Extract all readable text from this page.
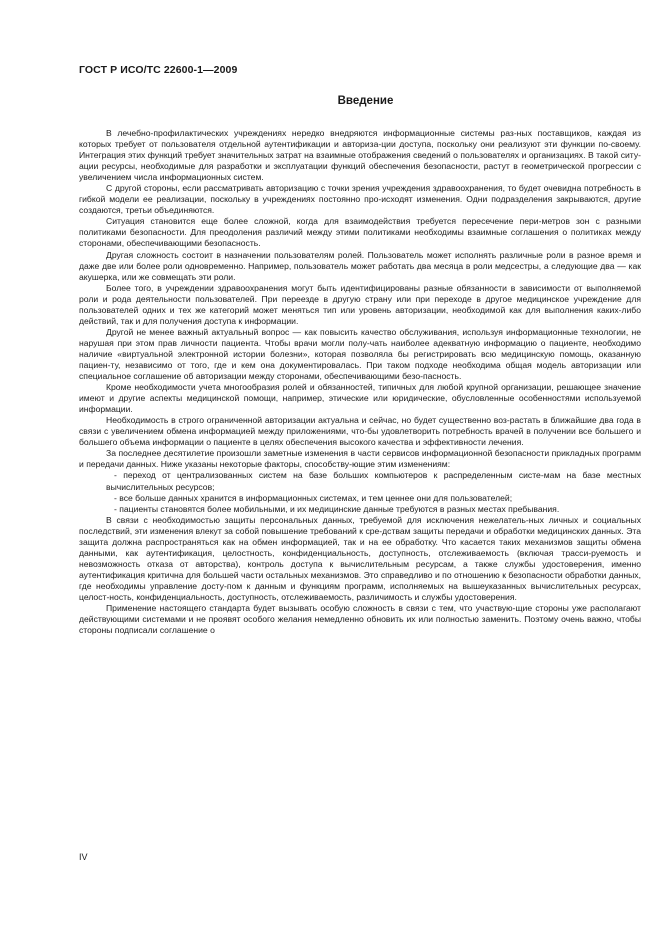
ГОСТ Р ИСО/ТС 22600-1—2009
Введение

В лечебно-профилактических учреждениях нередко внедряются информационные системы раз-ных поставщиков, каждая из которых требует от пользователя отдельной аутентификации и авториза-ции доступа, поскольку они реализуют эти функции по-своему. Интеграция этих функций требует значительных затрат на взаимные отображения сведений о пользователях и организациях. В такой ситу-ации ресурсы, необходимые для разработки и эксплуатации функций обеспечения безопасности, растут в геометрической прогрессии с увеличением числа информационных систем.

С другой стороны, если рассматривать авторизацию с точки зрения учреждения здравоохранения, то будет очевидна потребность в гибкой модели ее реализации, поскольку в учреждениях постоянно про-исходят изменения. Одни подразделения закрываются, другие создаются, третьи объединяются.

Ситуация становится еще более сложной, когда для взаимодействия требуется пересечение пери-метров зон с разными политиками безопасности. Для преодоления различий между этими политиками необходимы взаимные соглашения о политиках между сторонами, обеспечивающими безопасность.

Другая сложность состоит в назначении пользователям ролей. Пользователь может исполнять различные роли в разное время и даже две или более роли одновременно. Например, пользователь может работать два месяца в роли медсестры, а следующие два — как акушерка, или же совмещать эти роли.

Более того, в учреждении здравоохранения могут быть идентифицированы разные обязанности в зависимости от выполняемой роли и рода деятельности пользователей. При переезде в другую страну или при переходе в другое медицинское учреждение для пользователей одних и тех же категорий может меняться тип или уровень авторизации, необходимой как для выполнения каких-либо действий, так и для получения доступа к информации.

Другой не менее важный актуальный вопрос — как повысить качество обслуживания, используя информационные технологии, не нарушая при этом прав личности пациента. Чтобы врачи могли полу-чать наиболее адекватную информацию о пациенте, необходимо наличие «виртуальной электронной истории болезни», которая позволяла бы регистрировать всю медицинскую помощь, оказанную пациен-ту, независимо от того, где и кем она документировалась. При таком подходе необходима общая модель авторизации или специальное соглашение об авторизации между сторонами, обеспечивающими безо-пасность.

Кроме необходимости учета многообразия ролей и обязанностей, типичных для любой крупной организации, решающее значение имеют и другие аспекты медицинской помощи, например, этические или юридические, обусловленные особенностями используемой информации.

Необходимость в строго ограниченной авторизации актуальна и сейчас, но будет существенно воз-растать в ближайшие два года в связи с увеличением обмена информацией между приложениями, что-бы удовлетворить потребность врачей в получении все большего и большего объема информации о пациенте в целях обеспечения высокого качества и эффективности лечения.

За последнее десятилетие произошли заметные изменения в части сервисов информационной безопасности прикладных программ и передачи данных. Ниже указаны некоторые факторы, способству-ющие этим изменениям:

- переход от централизованных систем на базе больших компьютеров к распределенным систе-мам на базе местных вычислительных ресурсов;
- все больше данных хранится в информационных системах, и тем ценнее они для пользователей;
- пациенты становятся более мобильными, и их медицинские данные требуются в разных местах пребывания.

В связи с необходимостью защиты персональных данных, требуемой для исключения нежелатель-ных личных и социальных последствий, эти изменения влекут за собой повышение требований к сре-дствам защиты передачи и обработки медицинских данных. Эта защита должна распространяться как на обмен информацией, так и на ее обработку. Что касается таких механизмов защиты обмена данными, как аутентификация, целостность, конфиденциальность, доступность, отслеживаемость (включая трасси-руемость и невозможность отказа от авторства), контроль доступа к вычислительным ресурсам, а также службы удостоверения, именно аутентификация критична для большей части остальных механизмов. Это справедливо и по отношению к безопасности обработки данных, где необходимы управление досту-пом к данным и функциям программ, исполняемых на вышеуказанных вычислительных ресурсах, целост-ность, конфиденциальность, доступность, отслеживаемость, различимость и службы удостоверения.

Применение настоящего стандарта будет вызывать особую сложность в связи с тем, что участвую-щие стороны уже располагают действующими системами и не проявят особого желания немедленно обновить их или полностью заменить. Поэтому очень важно, чтобы стороны подписали соглашение о

IV
